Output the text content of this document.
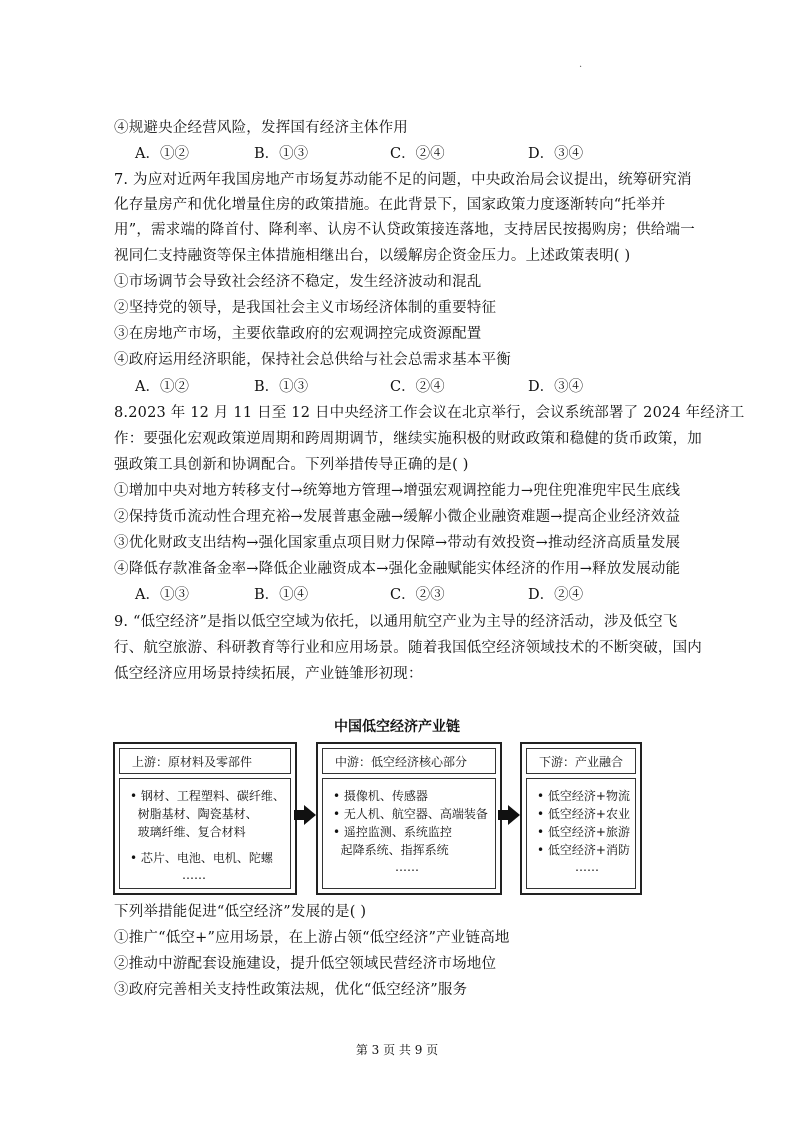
·
④规避央企经营风险，发挥国有经济主体作用
A．①②	B．①③	C．②④	D．③④
7. 为应对近两年我国房地产市场复苏动能不足的问题，中央政治局会议提出，统筹研究消
化存量房产和优化增量住房的政策措施。在此背景下，国家政策力度逐渐转向“托举并
用”，需求端的降首付、降利率、认房不认贷政策接连落地，支持居民按揭购房；供给端一
视同仁支持融资等保主体措施相继出台，以缓解房企资金压力。上述政策表明( )
①市场调节会导致社会经济不稳定，发生经济波动和混乱
②坚持党的领导，是我国社会主义市场经济体制的重要特征
③在房地产市场，主要依靠政府的宏观调控完成资源配置
④政府运用经济职能，保持社会总供给与社会总需求基本平衡
A．①②	B．①③	C．②④	D．③④
8.2023 年 12 月 11 日至 12 日中央经济工作会议在北京举行，会议系统部署了 2024 年经济工
作：要强化宏观政策逆周期和跨周期调节，继续实施积极的财政政策和稳健的货币政策，加
强政策工具创新和协调配合。下列举措传导正确的是( )
①增加中央对地方转移支付→统筹地方管理→增强宏观调控能力→兜住兜准兜牢民生底线
②保持货币流动性合理充裕→发展普惠金融→缓解小微企业融资难题→提高企业经济效益
③优化财政支出结构→强化国家重点项目财力保障→带动有效投资→推动经济高质量发展
④降低存款准备金率→降低企业融资成本→强化金融赋能实体经济的作用→释放发展动能
A．①③	B．①④	C．②③	D．②④
9. “低空经济”是指以低空空域为依托，以通用航空产业为主导的经济活动，涉及低空飞
行、航空旅游、科研教育等行业和应用场景。随着我国低空经济领域技术的不断突破，国内
低空经济应用场景持续拓展，产业链雏形初现：
中国低空经济产业链
上游：原材料及零部件
• 钢材、工程塑料、碳纤维、
树脂基材、陶瓷基材、
玻璃纤维、复合材料
• 芯片、电池、电机、陀螺
……
中游：低空经济核心部分
• 摄像机、传感器
• 无人机、航空器、高端装备
• 遥控监测、系统监控
起降系统、指挥系统
……
下游：产业融合
• 低空经济+物流
• 低空经济+农业
• 低空经济+旅游
• 低空经济+消防
……
下列举措能促进“低空经济”发展的是( )
①推广“低空+”应用场景，在上游占领“低空经济”产业链高地
②推动中游配套设施建设，提升低空领域民营经济市场地位
③政府完善相关支持性政策法规，优化“低空经济”服务
第 3 页 共 9 页
